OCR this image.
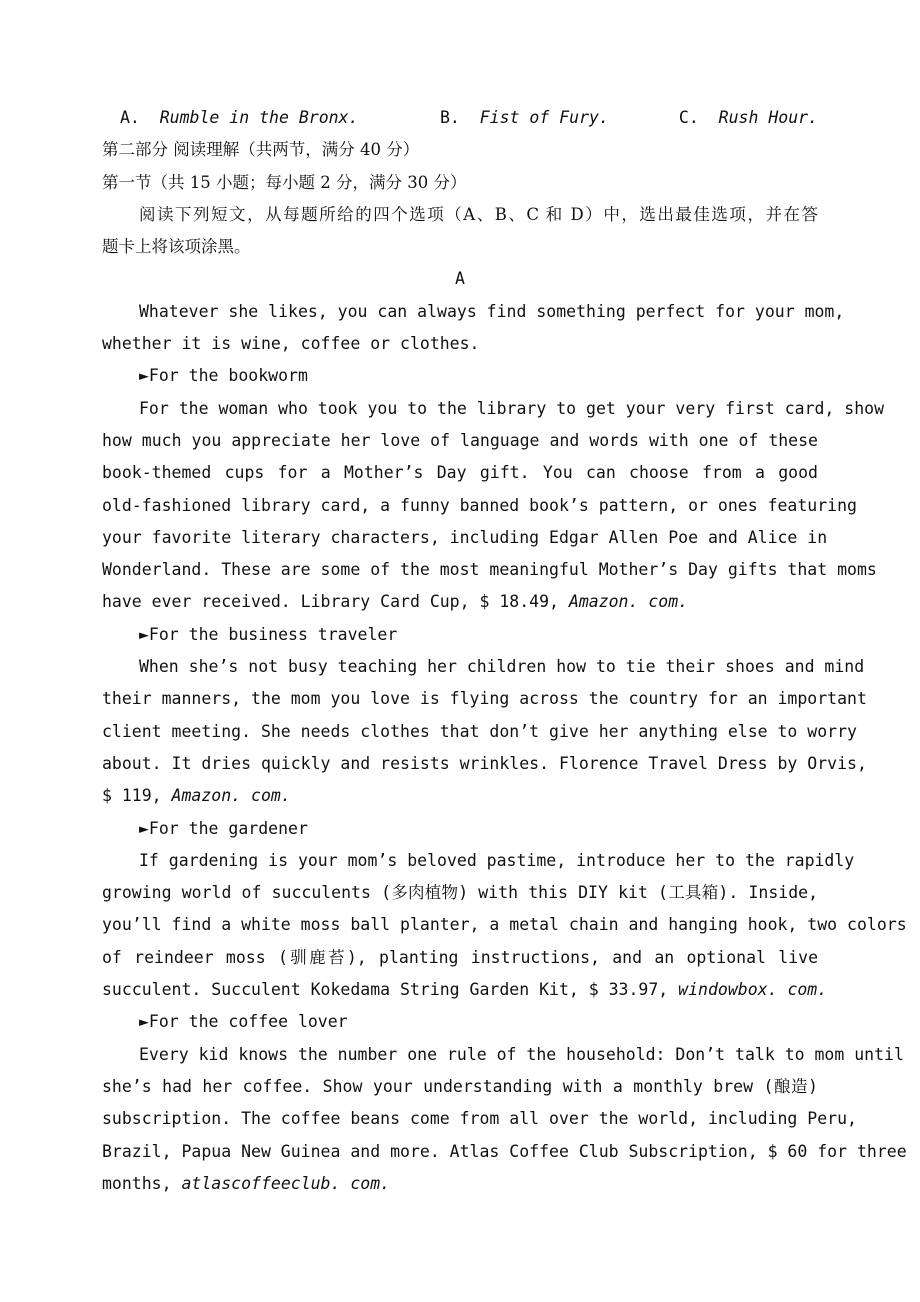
A. Rumble in the Bronx.	B. Fist of Fury.	C. Rush Hour.
第二部分 阅读理解（共两节，满分 40 分）
第一节（共 15 小题；每小题 2 分，满分 30 分）
阅读下列短文，从每题所给的四个选项（A、B、C 和 D）中，选出最佳选项，并在答
题卡上将该项涂黑。
A
Whatever she likes, you can always find something perfect for your mom,
whether it is wine, coffee or clothes.
►For the bookworm
For the woman who took you to the library to get your very first card, show
how much you appreciate her love of language and words with one of these
book-themed cups for a Mother’s Day gift. You can choose from a good
old-fashioned library card, a funny banned book’s pattern, or ones featuring
your favorite literary characters, including Edgar Allen Poe and Alice in
Wonderland. These are some of the most meaningful Mother’s Day gifts that moms
have ever received. Library Card Cup, $ 18.49, Amazon. com.
►For the business traveler
When she’s not busy teaching her children how to tie their shoes and mind
their manners, the mom you love is flying across the country for an important
client meeting. She needs clothes that don’t give her anything else to worry
about. It dries quickly and resists wrinkles. Florence Travel Dress by Orvis,
$ 119, Amazon. com.
►For the gardener
If gardening is your mom’s beloved pastime, introduce her to the rapidly
growing world of succulents (多肉植物) with this DIY kit (工具箱). Inside,
you’ll find a white moss ball planter, a metal chain and hanging hook, two colors
of reindeer moss (驯鹿苔), planting instructions, and an optional live
succulent. Succulent Kokedama String Garden Kit, $ 33.97, windowbox. com.
►For the coffee lover
Every kid knows the number one rule of the household: Don’t talk to mom until
she’s had her coffee. Show your understanding with a monthly brew (酿造)
subscription. The coffee beans come from all over the world, including Peru,
Brazil, Papua New Guinea and more. Atlas Coffee Club Subscription, $ 60 for three
months, atlascoffeeclub. com.
